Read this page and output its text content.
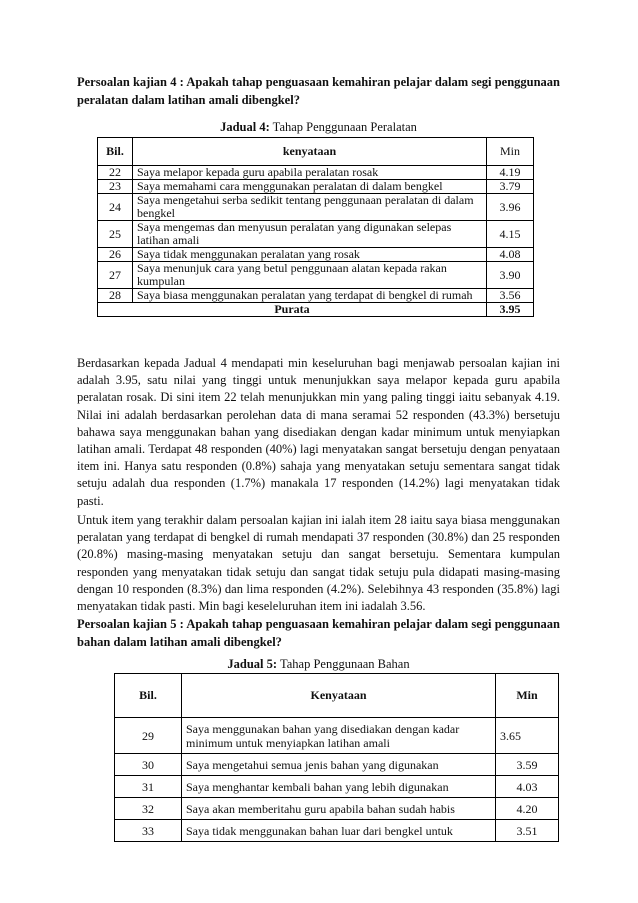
Persoalan kajian 4 : Apakah tahap penguasaan kemahiran pelajar dalam segi penggunaan peralatan dalam latihan amali dibengkel?
Jadual 4: Tahap Penggunaan Peralatan
Bil.	kenyataan	Min
22	Saya melapor kepada guru apabila peralatan rosak	4.19
23	Saya memahami cara menggunakan peralatan di dalam bengkel	3.79
24	Saya mengetahui serba sedikit tentang penggunaan peralatan di dalam bengkel	3.96
25	Saya mengemas dan menyusun peralatan yang digunakan selepas latihan amali	4.15
26	Saya tidak menggunakan peralatan yang rosak	4.08
27	Saya menunjuk cara yang betul penggunaan alatan kepada rakan kumpulan	3.90
28	Saya biasa menggunakan peralatan yang terdapat di bengkel di rumah	3.56
Purata		3.95

Berdasarkan kepada Jadual 4 mendapati min keseluruhan bagi menjawab persoalan kajian ini adalah 3.95, satu nilai yang tinggi untuk menunjukkan saya melapor kepada guru apabila peralatan rosak. Di sini item 22 telah menunjukkan min yang paling tinggi iaitu sebanyak 4.19. Nilai ini adalah berdasarkan perolehan data di mana seramai 52 responden (43.3%) bersetuju bahawa saya menggunakan bahan yang disediakan dengan kadar minimum untuk menyiapkan latihan amali. Terdapat 48 responden (40%) lagi menyatakan sangat bersetuju dengan penyataan item ini. Hanya satu responden (0.8%) sahaja yang menyatakan setuju sementara sangat tidak setuju adalah dua responden (1.7%) manakala 17 responden (14.2%) lagi menyatakan tidak pasti.

Untuk item yang terakhir dalam persoalan kajian ini ialah item 28 iaitu saya biasa menggunakan peralatan yang terdapat di bengkel di rumah mendapati 37 responden (30.8%) dan 25 responden (20.8%) masing-masing menyatakan setuju dan sangat bersetuju. Sementara kumpulan responden yang menyatakan tidak setuju dan sangat tidak setuju pula didapati masing-masing dengan 10 responden (8.3%) dan lima responden (4.2%). Selebihnya 43 responden (35.8%) lagi menyatakan tidak pasti. Min bagi keseleluruhan item ini iadalah 3.56.

Persoalan kajian 5 : Apakah tahap penguasaan kemahiran pelajar dalam segi penggunaan bahan dalam latihan amali dibengkel?
Jadual 5: Tahap Penggunaan Bahan
Bil.	Kenyataan	Min
29	Saya menggunakan bahan yang disediakan dengan kadar minimum untuk menyiapkan latihan amali	3.65
30	Saya mengetahui semua jenis bahan yang digunakan	3.59
31	Saya menghantar kembali bahan yang lebih digunakan	4.03
32	Saya akan memberitahu guru apabila bahan sudah habis	4.20
33	Saya tidak menggunakan bahan luar dari bengkel untuk	3.51
